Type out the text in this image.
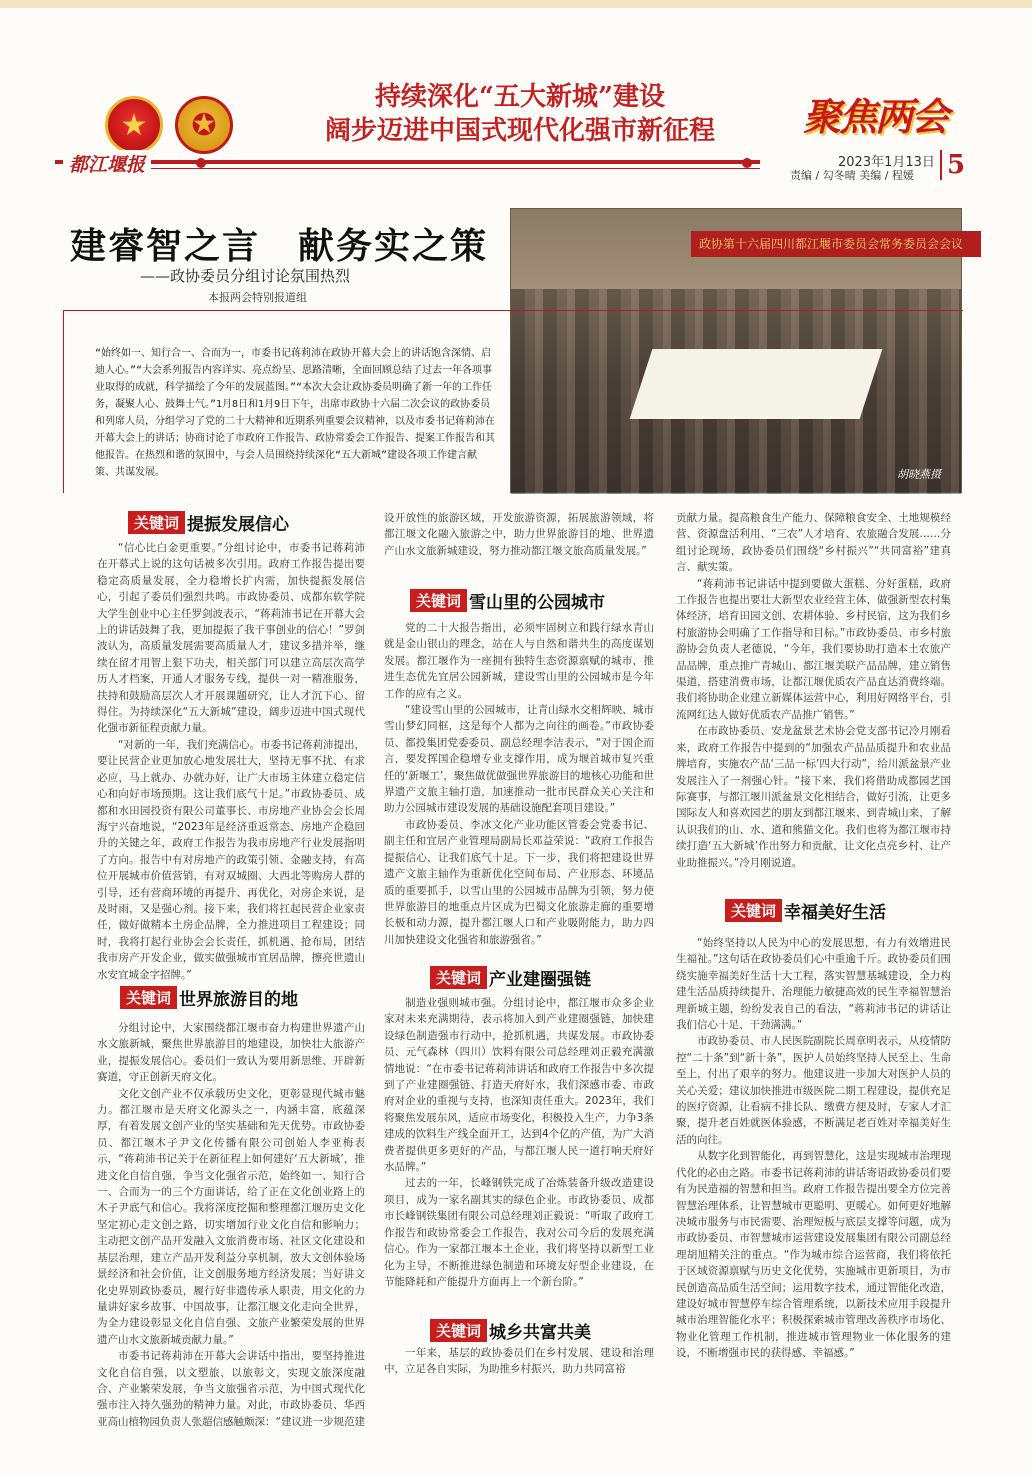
★	✪
持续深化“五大新城”建设
阔步迈进中国式现代化强市新征程	聚焦两会
都江堰报	2023年1月13日
责编 / 勾冬晴 美编 / 程媛 5
建睿智之言　献务实之策
——政协委员分组讨论氛围热烈
本报两会特别报道组
政协第十六届四川都江堰市委员会常务委员会会议
胡晓燕摄
“始终如一、知行合一、合而为一，市委书记蒋莉沛在政协开幕大会上的讲话饱含深情、启迪人心。”“大会系列报告内容详实、亮点纷呈、思路清晰，全面回顾总结了过去一年各项事业取得的成就，科学描绘了今年的发展蓝图。”“本次大会让政协委员明确了新一年的工作任务，凝聚人心、鼓舞士气。”1月8日和1月9日下午，出席市政协十六届二次会议的政协委员和列席人员，分组学习了党的二十大精神和近期系列重要会议精神，以及市委书记蒋莉沛在开幕大会上的讲话；协商讨论了市政府工作报告、政协常委会工作报告、提案工作报告和其他报告。在热烈和谐的氛围中，与会人员围绕持续深化“五大新城”建设各项工作建言献策、共谋发展。
关键词 提振发展信心

“信心比白金更重要。”分组讨论中，市委书记蒋莉沛在开幕式上说的这句话被多次引用。政府工作报告提出要稳定高质量发展，全力稳增长扩内需，加快提振发展信心，引起了委员们强烈共鸣。市政协委员、成都东软学院大学生创业中心主任罗剑波表示，“蒋莉沛书记在开幕大会上的讲话鼓舞了我，更加提振了我干事创业的信心！”罗剑波认为，高质量发展需要高质量人才，建议多措并举，继续在留才用智上狠下功夫，相关部门可以建立高层次高学历人才档案，开通人才服务专线，提供一对一精准服务，扶持和鼓励高层次人才开展课题研究，让人才沉下心、留得住。为持续深化“五大新城”建设，阔步迈进中国式现代化强市新征程贡献力量。

“对新的一年，我们充满信心。市委书记蒋莉沛提出，要让民营企业更加放心地发展壮大，坚持无事不扰、有求必应，马上就办、办就办好，让广大市场主体建立稳定信心和向好市场预期。这让我们底气十足。”市政协委员、成都和水田园投资有限公司董事长、市房地产业协会会长周海宁兴奋地说，“2023年是经济重返常态、房地产企稳回升的关键之年，政府工作报告为我市房地产行业发展指明了方向。报告中有对房地产的政策引领、金融支持，有高位开展城市价值营销，有对双城圈、大西北等购房人群的引导，还有营商环境的再提升、再优化，对房企来说，是及时雨，又是强心剂。接下来，我们将扛起民营企业家责任，做好做精本土房企品牌，全力推进项目工程建设；同时，我将打起行业协会会长责任，抓机遇、抢布局，团结我市房产开发企业，做实做强城市宜居品牌，擦亮世遗山水安宜城金字招牌。”

关键词 世界旅游目的地

分组讨论中，大家围绕都江堰市奋力构建世界遗产山水文旅新城，聚焦世界旅游目的地建设，加快壮大旅游产业，提振发展信心。委员们一致认为要用新思维、开辟新赛道，守正创新天府文化。

文化文创产业不仅承载历史文化，更彰显现代城市魅力。都江堰市是天府文化源头之一，内涵丰富，底蕴深厚，有着发展文创产业的坚实基础和先天优势。市政协委员、都江堰木子尹文化传播有限公司创始人李亚梅表示，“蒋莉沛书记关于在新征程上如何建好‘五大新城’，推进文化自信自强，争当文化强省示范，始终如一、知行合一、合而为一的三个方面讲话，给了正在文化创业路上的木子尹底气和信心。我将深度挖掘和整理都江堰历史文化坚定初心走文创之路，切实增加行业文化自信和影响力；主动把文创产品开发融入文旅消费市场、社区文化建设和基层治理，建立产品开发利益分享机制，放大文创体验场景经济和社会价值，让文创服务地方经济发展；当好讲文化史界别政协委员，履行好非遗传承人职责，用文化的力量讲好家乡故事、中国故事，让都江堰文化走向全世界，为全力建设彰显文化自信自强、文旅产业繁荣发展的世界遗产山水文旅新城贡献力量。”

市委书记蒋莉沛在开幕大会讲话中指出，要坚持推进文化自信自强，以文塑旅、以旅彰文，实现文旅深度融合、产业繁荣发展，争当文旅强省示范，为中国式现代化强市注入持久强劲的精神力量。对此，市政协委员、华西亚高山植物园负责人张超信感触颇深：“建议进一步规范建

设开放性的旅游区域，开发旅游资源，拓展旅游领域，将都江堰文化融入旅游之中，助力世界旅游目的地、世界遗产山水文旅新城建设，努力推动都江堰文旅高质量发展。”

关键词 雪山里的公园城市

党的二十大报告指出，必须牢固树立和践行绿水青山就是金山银山的理念，站在人与自然和谐共生的高度谋划发展。都江堰作为一座拥有独特生态资源禀赋的城市，推进生态优先宜居公园新城，建设雪山里的公园城市是今年工作的应有之义。

“建设雪山里的公园城市，让青山绿水交相辉映、城市雪山梦幻同框，这是每个人都为之向往的画卷。”市政协委员、都投集团党委委员、副总经理李洁表示，“对于国企而言，要发挥国企稳增专业支撑作用，成为堰首城市复兴重任的‘新堰工’，聚焦做优做强世界旅游目的地核心功能和世界遗产文旅主轴打造，加速推动一批市民群众关心关注和助力公园城市建设发展的基础设施配套项目建设。”

市政协委员、李冰文化产业功能区管委会党委书记、副主任和宜居产业管理局副局长邓益荣说：“政府工作报告提振信心，让我们底气十足。下一步，我们将把建设世界遗产文旅主轴作为重新优化空间布局、产业形态、环境品质的重要抓手，以雪山里的公园城市品牌为引领，努力使世界旅游目的地重点片区成为巴蜀文化旅游走廊的重要增长极和动力源，提升都江堰人口和产业吸附能力，助力四川加快建设文化强省和旅游强省。”

关键词 产业建圈强链

制造业强则城市强。分组讨论中，都江堰市众多企业家对未来充满期待，表示将加入到产业建圈强链，加快建设绿色制造强市行动中，抢抓机遇，共谋发展。市政协委员、元气森林（四川）饮料有限公司总经理刘正毅充满激情地说：“在市委书记蒋莉沛讲话和政府工作报告中多次提到了产业建圈强链、打造天府好水，我们深感市委、市政府对企业的重视与支持，也深知责任重大。2023年，我们将聚焦发展东风，适应市场变化，积极投入生产，力争3条建成的饮料生产线全面开工，达到4个亿的产值，为广大消费者提供更多更好的产品，与都江堰人民一道打响天府好水品牌。”

过去的一年，长峰钢铁完成了冶炼装备升级改造建设项目，成为一家名副其实的绿色企业。市政协委员、成都市长峰钢铁集团有限公司总经理刘正毅说：“听取了政府工作报告和政协常委会工作报告，我对公司今后的发展充满信心。作为一家都江堰本土企业，我们将坚持以新型工业化为主导，不断推进绿色制造和环境友好型企业建设，在节能降耗和产能提升方面再上一个新台阶。”

关键词 城乡共富共美

一年来，基层的政协委员们在乡村发展、建设和治理中，立足各自实际，为助推乡村振兴，助力共同富裕

贡献力量。提高粮食生产能力、保障粮食安全、土地规模经营、资源盘活利用、“三农”人才培育、农旅融合发展……分组讨论现场，政协委员们围绕“乡村振兴”“共同富裕”建真言、献实策。

“蒋莉沛书记讲话中提到要做大蛋糕、分好蛋糕，政府工作报告也提出要壮大新型农业经营主体，做强新型农村集体经济，培育田园文创、农耕体验、乡村民宿，这为我们乡村旅游协会明确了工作指导和目标。”市政协委员、市乡村旅游协会负责人老德说，“今年，我们要协助打造本土农旅产品品牌，重点推广青城山、都江堰美联产品品牌，建立销售渠道，搭建消费市场，让都江堰优质农产品直达消费终端。我们将协助企业建立新媒体运营中心，利用好网络平台，引流网红达人做好优质农产品推广销售。”

在市政协委员、安龙盆景艺术协会党支部书记冷月刚看来，政府工作报告中提到的“加强农产品品质提升和农业品牌培育，实施农产品‘三品一标’四大行动”，给川派盆景产业发展注入了一剂强心针。“接下来，我们将借助成都园艺国际赛事，与都江堰川派盆景文化相结合，做好引流，让更多国际友人和喜欢园艺的朋友到都江堰来、到青城山来，了解认识我们的山、水、道和熊猫文化。我们也将为都江堰市持续打造‘五大新城’作出努力和贡献，让文化点亮乡村、让产业助推振兴。”冷月刚说道。

关键词 幸福美好生活

“始终坚持以人民为中心的发展思想，有力有效增进民生福祉。”这句话在政协委员们心中重逾千斤。政协委员们围绕实施幸福美好生活十大工程，落实智慧基城建设，全力构建生活品质持续提升、治理能力敏捷高效的民生幸福智慧治理新城主题，纷纷发表自己的看法，“蒋莉沛书记的讲话让我们信心十足、干劲满满。”

市政协委员、市人民医院副院长周章明表示，从疫情防控“二十条”到“新十条”，医护人员始终坚持人民至上、生命至上，付出了艰辛的努力。他建议进一步加大对医护人员的关心关爱；建议加快推进市级医院二期工程建设，提供充足的医疗资源，让看病不排长队、缴费方便及时，专家人才汇聚，提升老百姓就医体验感，不断满足老百姓对幸福美好生活的向往。

从数字化到智能化，再到智慧化，这是实现城市治理现代化的必由之路。市委书记蒋莉沛的讲话寄语政协委员们要有为民造福的智慧和担当。政府工作报告提出要全方位完善智慧治理体系，让智慧城市更聪明、更暖心。如何更好地解决城市服务与市民需要、治理短板与底层支撑等问题，成为市政协委员、市智慧城市运营建设发展集团有限公司副总经理胡旭精关注的重点。“作为城市综合运营商，我们将依托于区域资源禀赋与历史文化优势，实施城市更新项目，为市民创造高品质生活空间；运用数字技术，通过智能化改造，建设好城市智慧停车综合管理系统，以新技术应用手段提升城市治理智能化水平；积极探索城市管理改善秩序市场化、物业化管理工作机制，推进城市管理物业一体化服务的建设，不断增强市民的获得感、幸福感。”
